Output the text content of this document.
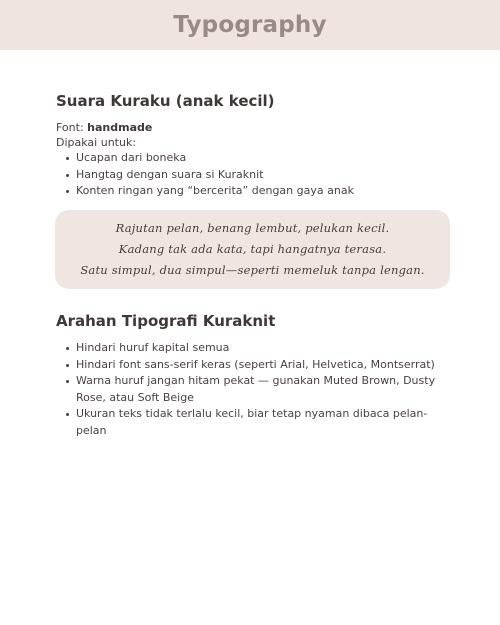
Typography
Suara Kuraku (anak kecil)

Font: handmade

Dipakai untuk:

Ucapan dari boneka
Hangtag dengan suara si Kuraknit
Konten ringan yang “bercerita” dengan gaya anak
Rajutan pelan, benang lembut, pelukan kecil.
Kadang tak ada kata, tapi hangatnya terasa.
Satu simpul, dua simpul—seperti memeluk tanpa lengan.
Arahan Tipografi Kuraknit
Hindari huruf kapital semua
Hindari font sans-serif keras (seperti Arial, Helvetica, Montserrat)
Warna huruf jangan hitam pekat — gunakan Muted Brown, Dusty Rose, atau Soft Beige
Ukuran teks tidak terlalu kecil, biar tetap nyaman dibaca pelan-pelan
